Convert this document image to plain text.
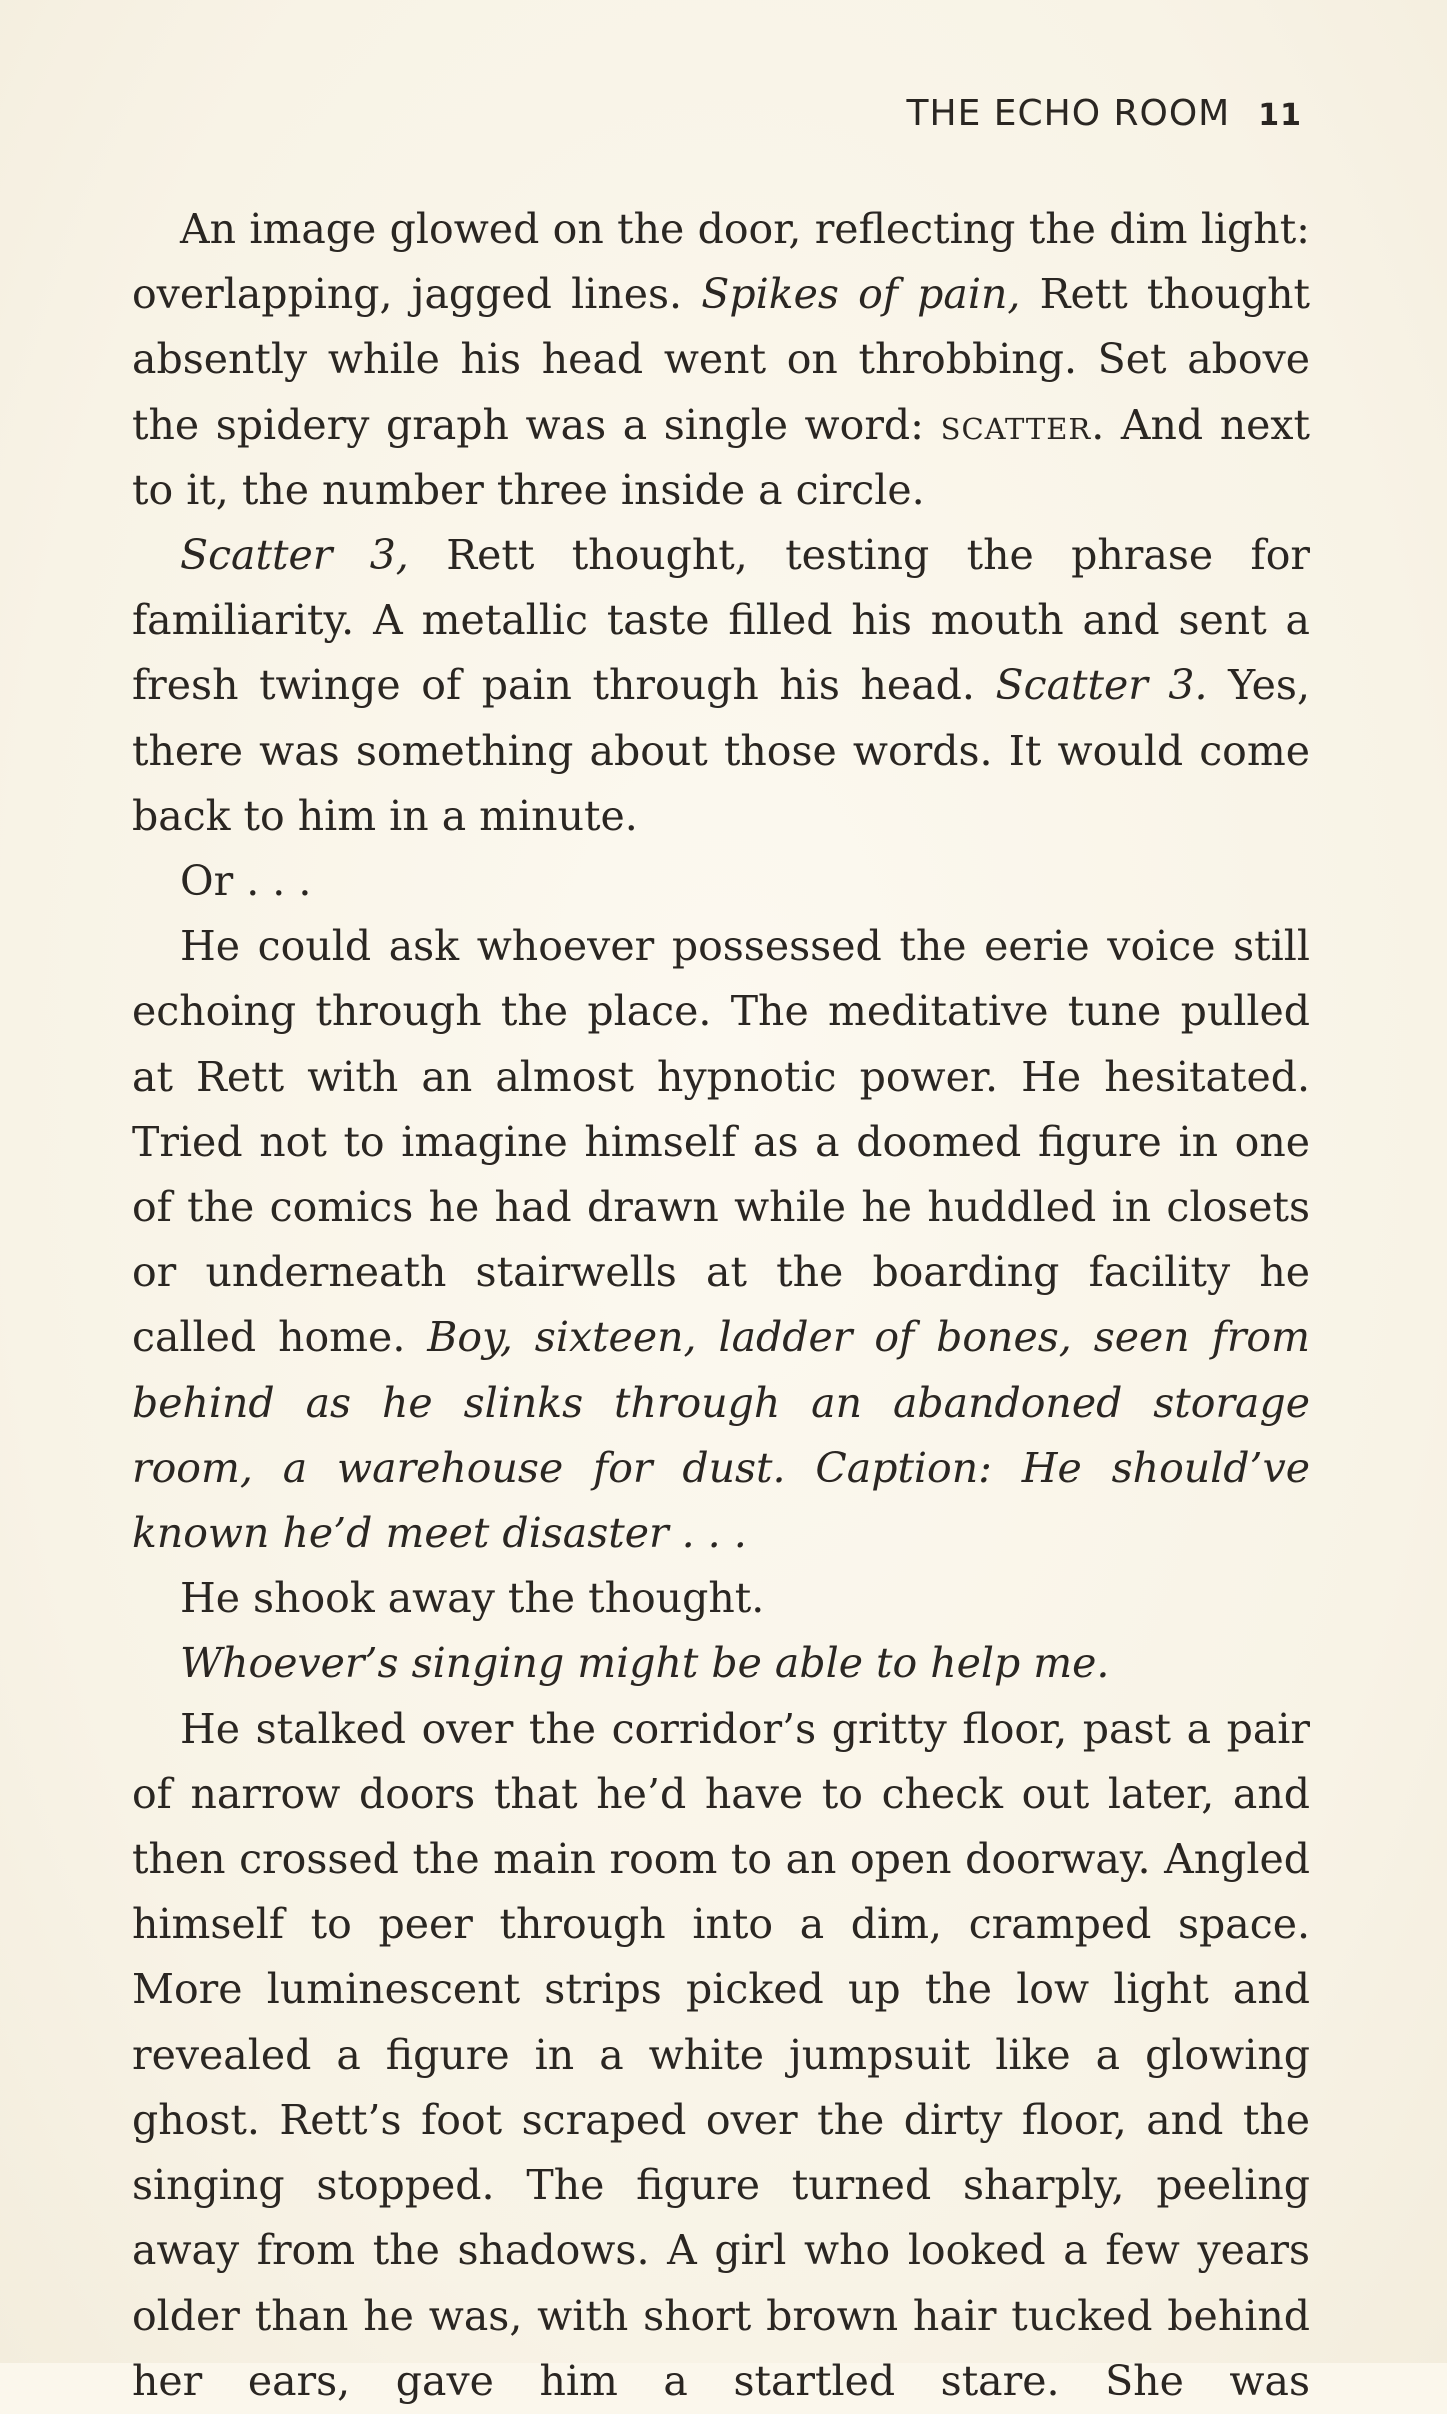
THE ECHO ROOM 11

An image glowed on the door, reflecting the dim light: overlapping, jagged lines. Spikes of pain, Rett thought absently while his head went on throbbing. Set above the spidery graph was a single word: scatter. And next to it, the number three inside a circle.

Scatter 3, Rett thought, testing the phrase for familiarity. A metallic taste filled his mouth and sent a fresh twinge of pain through his head. Scatter 3. Yes, there was something about those words. It would come back to him in a minute.

Or . . .

He could ask whoever possessed the eerie voice still echoing through the place. The meditative tune pulled at Rett with an almost hypnotic power. He hesitated. Tried not to imagine himself as a doomed figure in one of the comics he had drawn while he huddled in closets or underneath stairwells at the boarding facility he called home. Boy, sixteen, ladder of bones, seen from behind as he slinks through an abandoned storage room, a warehouse for dust. Caption: He should’ve known he’d meet disaster . . .

He shook away the thought.

Whoever’s singing might be able to help me.

He stalked over the corridor’s gritty floor, past a pair of narrow doors that he’d have to check out later, and then crossed the main room to an open doorway. Angled himself to peer through into a dim, cramped space. More luminescent strips picked up the low light and revealed a figure in a white jumpsuit like a glowing ghost. Rett’s foot scraped over the dirty floor, and the singing stopped. The figure turned sharply, peeling away from the shadows. A girl who looked a few years older than he was, with short brown hair tucked behind her ears, gave him a startled stare. She was
